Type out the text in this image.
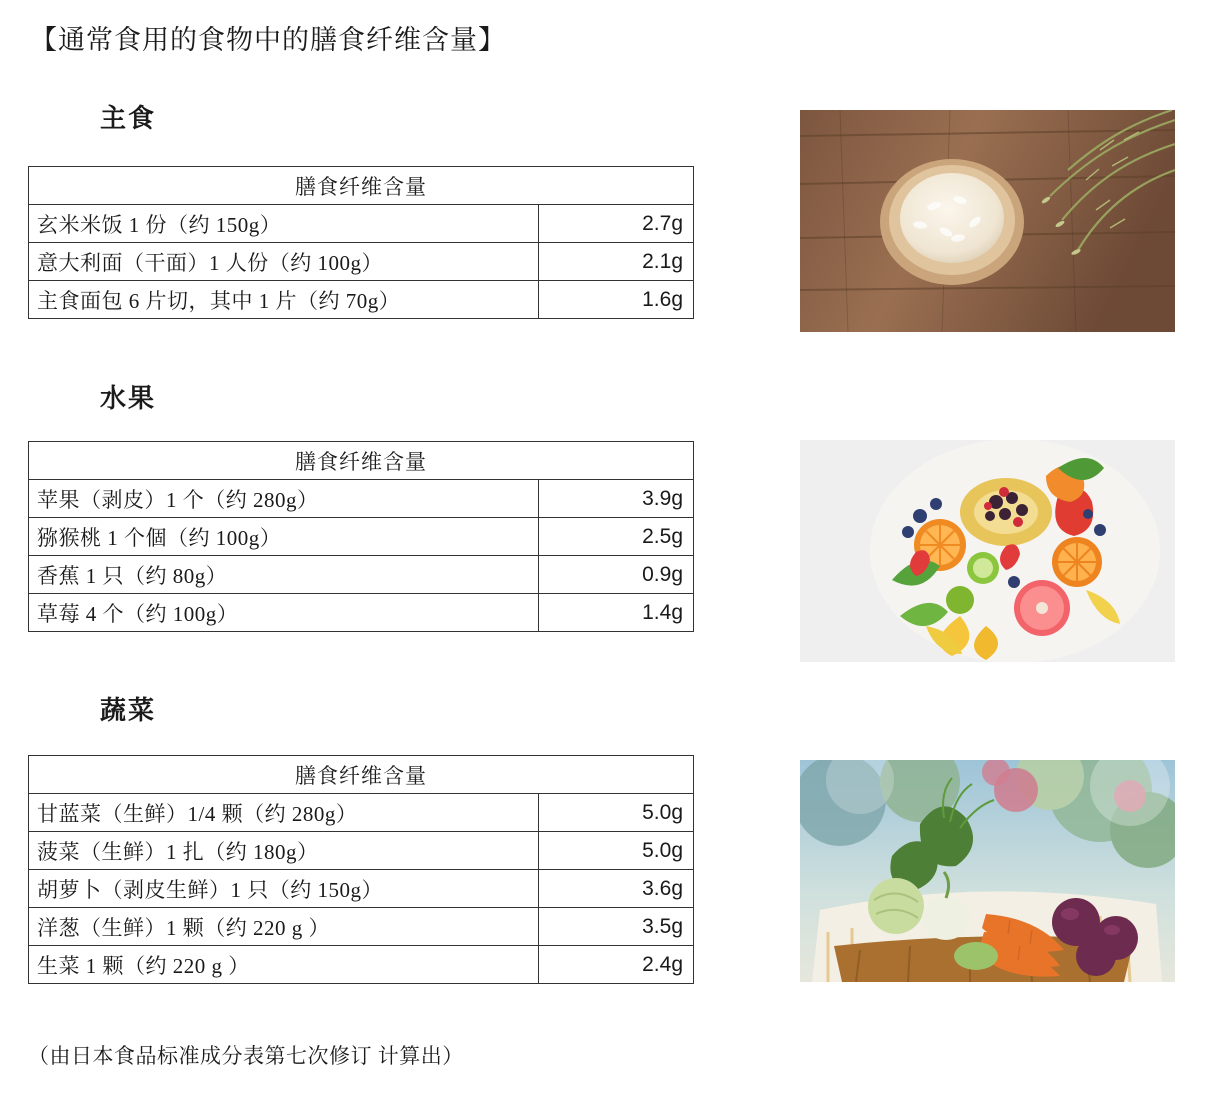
【通常食用的食物中的膳食纤维含量】
主食
膳食纤维含量	
玄米米饭 1 份（约 150g）	2.7g
意大利面（干面）1 人份（约 100g）	2.1g
主食面包 6 片切，其中 1 片（约 70g）	1.6g
水果
膳食纤维含量	
苹果（剥皮）1 个（约 280g）	3.9g
猕猴桃 1 个個（约 100g）	2.5g
香蕉 1 只（约 80g）	0.9g
草莓 4 个（约 100g）	1.4g
蔬菜
膳食纤维含量	
甘蓝菜（生鲜）1/4 颗（约 280g）	5.0g
菠菜（生鲜）1 扎（约 180g）	5.0g
胡萝卜（剥皮生鲜）1 只（约 150g）	3.6g
洋葱（生鲜）1 颗（约 220 g ）	3.5g
生菜 1 颗（约 220 g ）	2.4g
（由日本食品标准成分表第七次修订 计算出）
